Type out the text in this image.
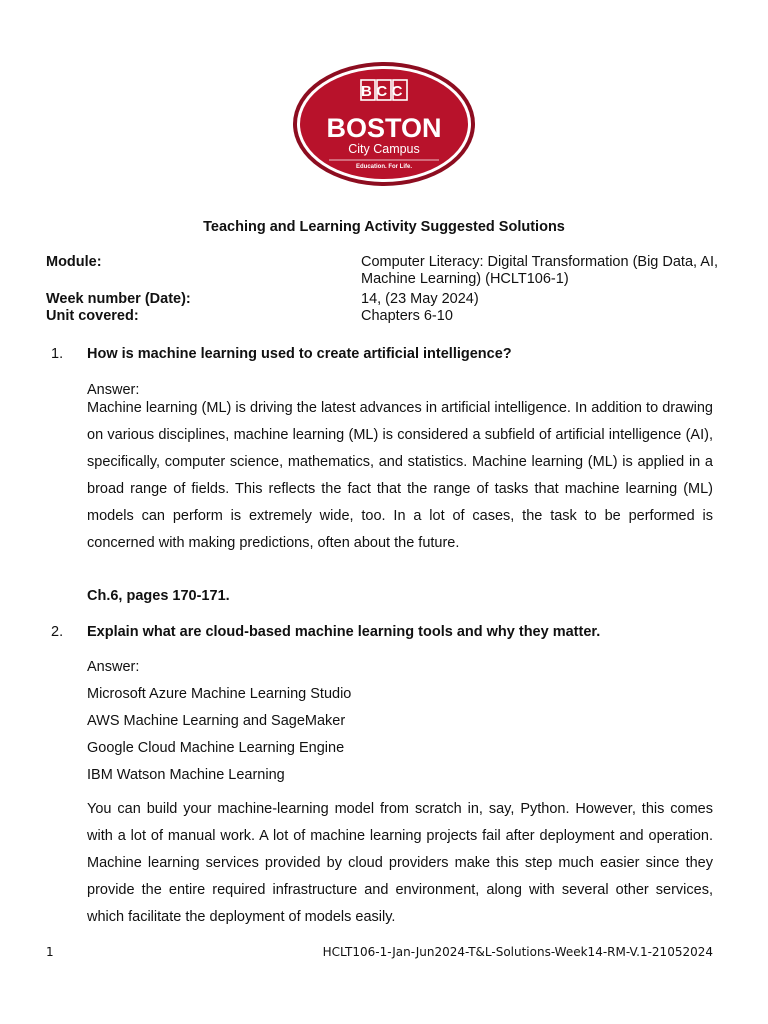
BCC
BOSTON
City Campus
Education. For Life.
Teaching and Learning Activity Suggested Solutions
Module:	Computer Literacy: Digital Transformation (Big Data, AI, Machine Learning) (HCLT106-1)
Week number (Date):	14, (23 May 2024)
Unit covered:	Chapters 6-10
1. How is machine learning used to create artificial intelligence?
Answer:
Machine learning (ML) is driving the latest advances in artificial intelligence. In addition to drawing on various disciplines, machine learning (ML) is considered a subfield of artificial intelligence (AI), specifically, computer science, mathematics, and statistics. Machine learning (ML) is applied in a broad range of fields. This reflects the fact that the range of tasks that machine learning (ML) models can perform is extremely wide, too. In a lot of cases, the task to be performed is concerned with making predictions, often about the future.
Ch.6, pages 170-171.
2. Explain what are cloud-based machine learning tools and why they matter.
Answer:
Microsoft Azure Machine Learning Studio
AWS Machine Learning and SageMaker
Google Cloud Machine Learning Engine
IBM Watson Machine Learning
You can build your machine-learning model from scratch in, say, Python. However, this comes with a lot of manual work. A lot of machine learning projects fail after deployment and operation. Machine learning services provided by cloud providers make this step much easier since they provide the entire required infrastructure and environment, along with several other services, which facilitate the deployment of models easily.
1	HCLT106-1-Jan-Jun2024-T&L-Solutions-Week14-RM-V.1-21052024
